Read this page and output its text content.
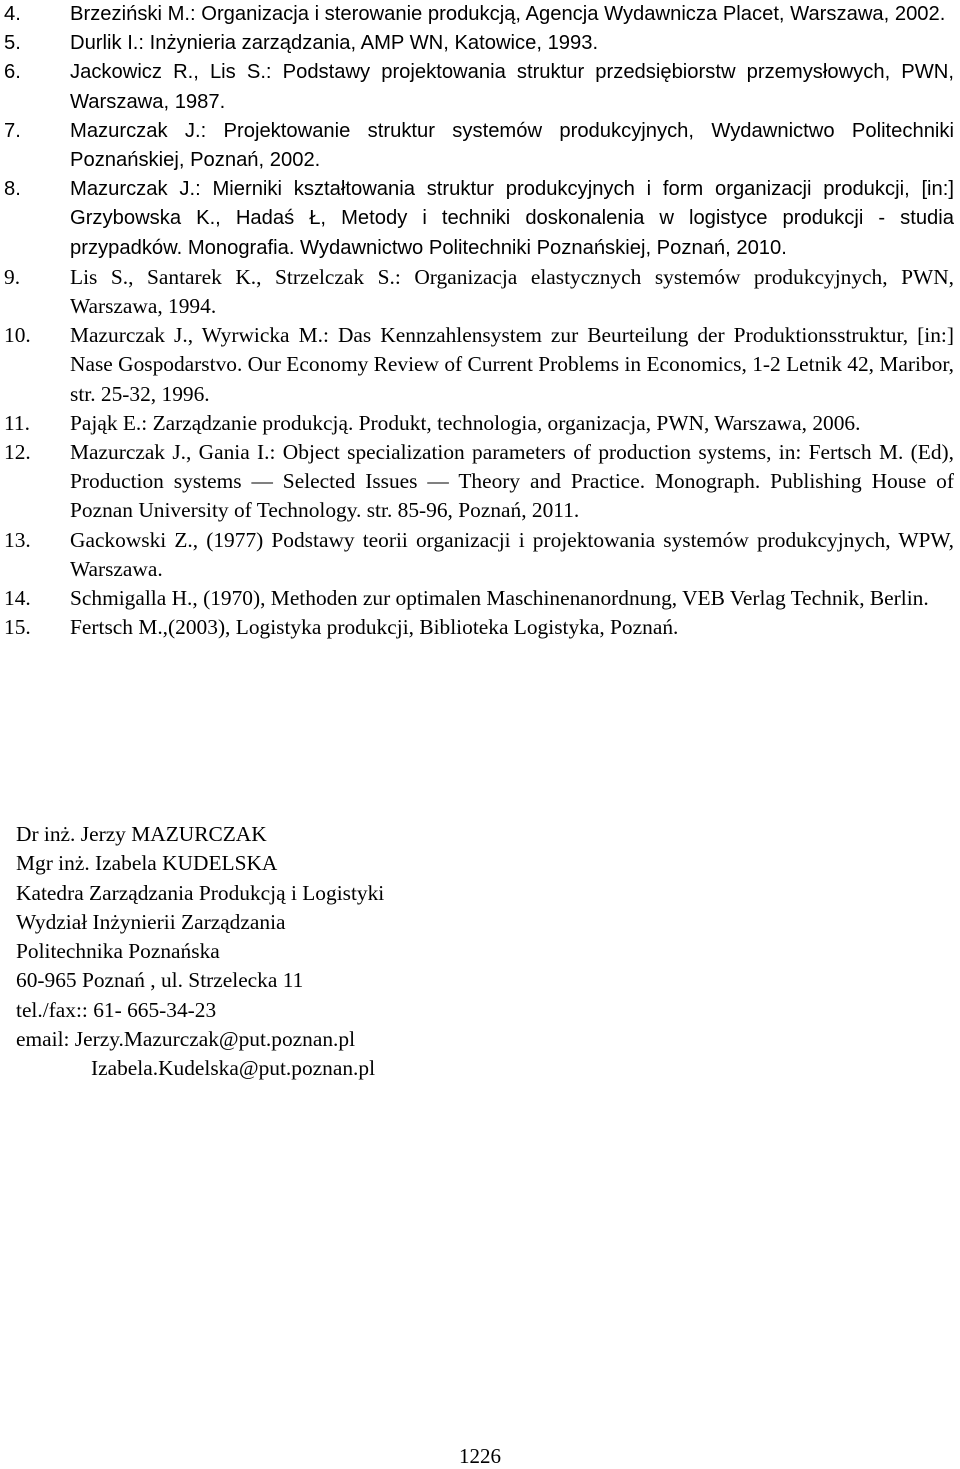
4. Brzeziński M.: Organizacja i sterowanie produkcją, Agencja Wydawnicza Placet, Warszawa, 2002.
5. Durlik I.: Inżynieria zarządzania, AMP WN, Katowice, 1993.
6. Jackowicz R., Lis S.: Podstawy projektowania struktur przedsiębiorstw przemysłowych, PWN, Warszawa, 1987.
7. Mazurczak J.: Projektowanie struktur systemów produkcyjnych, Wydawnictwo Politechniki Poznańskiej, Poznań, 2002.
8. Mazurczak J.: Mierniki kształtowania struktur produkcyjnych i form organizacji produkcji, [in:] Grzybowska K., Hadaś Ł, Metody i techniki doskonalenia w logistyce produkcji - studia przypadków. Monografia. Wydawnictwo Politechniki Poznańskiej, Poznań, 2010.
9. Lis S., Santarek K., Strzelczak S.: Organizacja elastycznych systemów produkcyjnych, PWN, Warszawa, 1994.
10. Mazurczak J., Wyrwicka M.: Das Kennzahlensystem zur Beurteilung der Produktionsstruktur, [in:] Nase Gospodarstvo. Our Economy Review of Current Problems in Economics, 1-2 Letnik 42, Maribor, str. 25-32, 1996.
11. Pająk E.: Zarządzanie produkcją. Produkt, technologia, organizacja, PWN, Warszawa, 2006.
12. Mazurczak J., Gania I.: Object specialization parameters of production systems, in: Fertsch M. (Ed), Production systems ― Selected Issues ― Theory and Practice. Monograph. Publishing House of Poznan University of Technology. str. 85-96, Poznań, 2011.
13. Gackowski Z., (1977) Podstawy teorii organizacji i projektowania systemów produkcyjnych, WPW, Warszawa.
14. Schmigalla H., (1970), Methoden zur optimalen Maschinenanordnung, VEB Verlag Technik, Berlin.
15. Fertsch M.,(2003), Logistyka produkcji, Biblioteka Logistyka, Poznań.
Dr inż. Jerzy MAZURCZAK
Mgr inż. Izabela KUDELSKA
Katedra Zarządzania Produkcją i Logistyki
Wydział Inżynierii Zarządzania
Politechnika Poznańska
60-965 Poznań , ul. Strzelecka 11
tel./fax:: 61- 665-34-23
email: Jerzy.Mazurczak@put.poznan.pl
Izabela.Kudelska@put.poznan.pl
1226
